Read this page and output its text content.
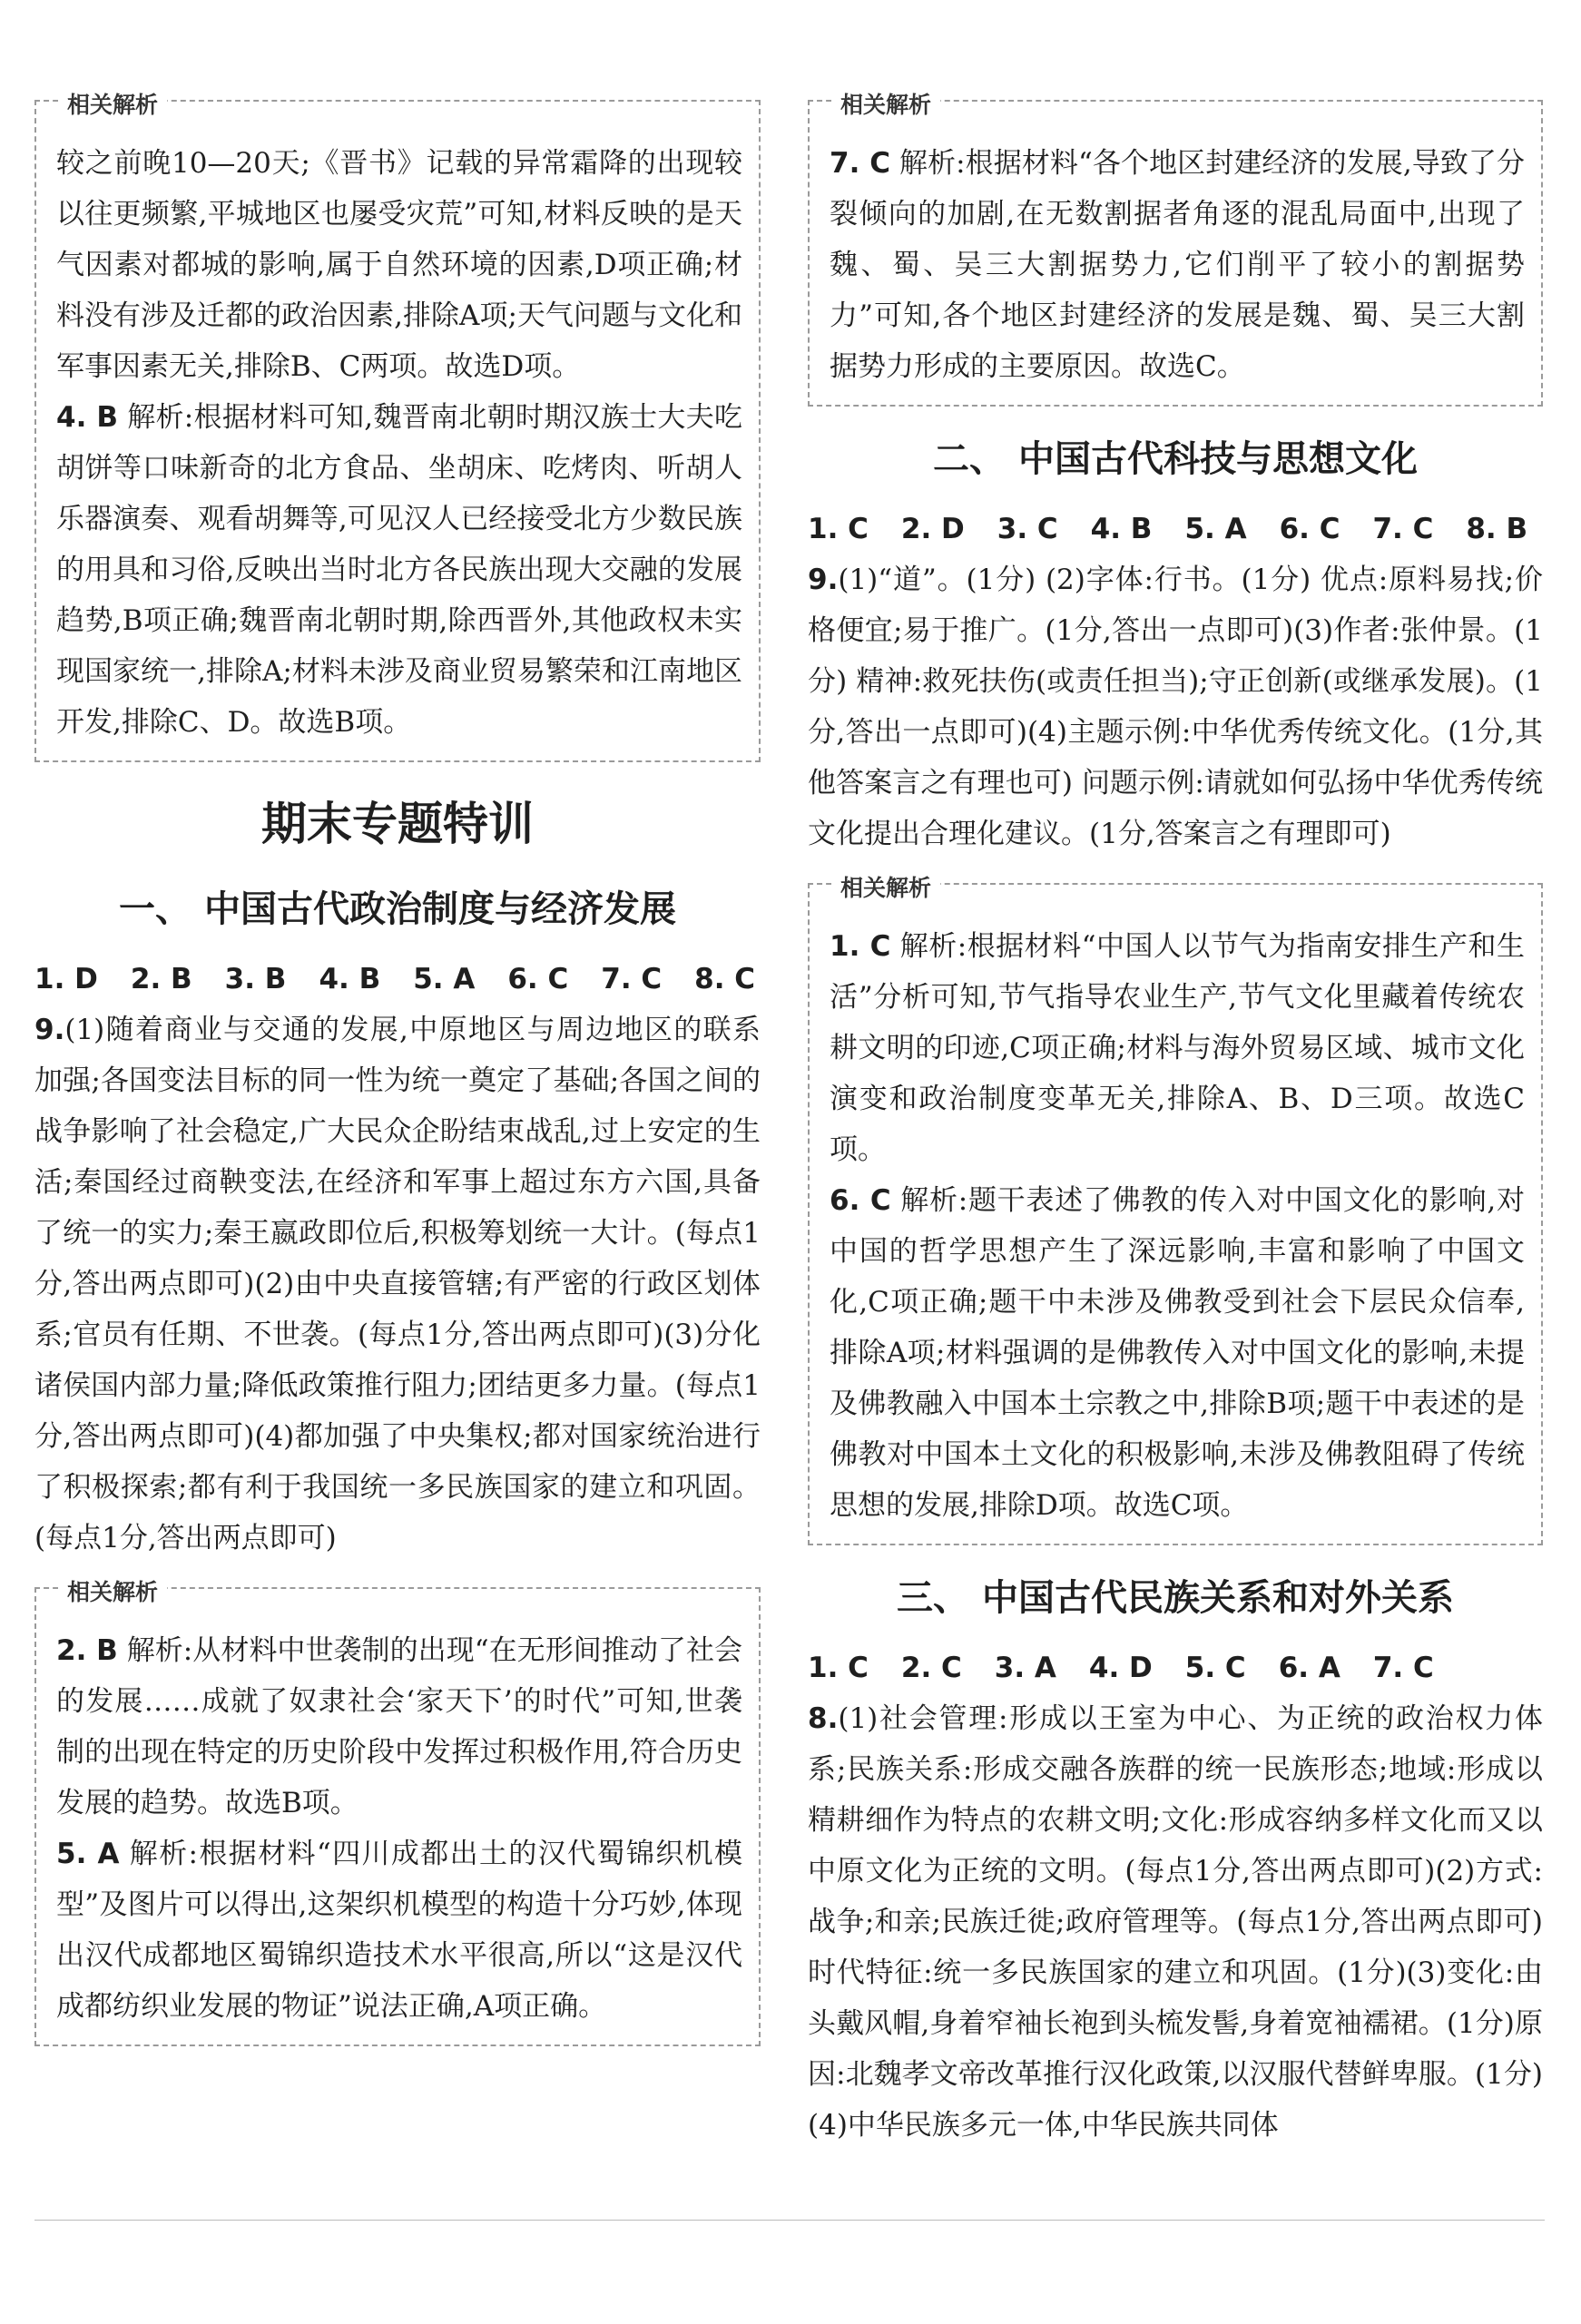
相关解析

较之前晚10—20天;《晋书》记载的异常霜降的出现较以往更频繁,平城地区也屡受灾荒”可知,材料反映的是天气因素对都城的影响,属于自然环境的因素,D项正确;材料没有涉及迁都的政治因素,排除A项;天气问题与文化和军事因素无关,排除B、C两项。故选D项。

4. B 解析:根据材料可知,魏晋南北朝时期汉族士大夫吃胡饼等口味新奇的北方食品、坐胡床、吃烤肉、听胡人乐器演奏、观看胡舞等,可见汉人已经接受北方少数民族的用具和习俗,反映出当时北方各民族出现大交融的发展趋势,B项正确;魏晋南北朝时期,除西晋外,其他政权未实现国家统一,排除A;材料未涉及商业贸易繁荣和江南地区开发,排除C、D。故选B项。

期末专题特训
一、 中国古代政治制度与经济发展
1. D 2. B 3. B 4. B 5. A 6. C 7. C 8. C

9.(1)随着商业与交通的发展,中原地区与周边地区的联系加强;各国变法目标的同一性为统一奠定了基础;各国之间的战争影响了社会稳定,广大民众企盼结束战乱,过上安定的生活;秦国经过商鞅变法,在经济和军事上超过东方六国,具备了统一的实力;秦王嬴政即位后,积极筹划统一大计。(每点1分,答出两点即可)(2)由中央直接管辖;有严密的行政区划体系;官员有任期、不世袭。(每点1分,答出两点即可)(3)分化诸侯国内部力量;降低政策推行阻力;团结更多力量。(每点1分,答出两点即可)(4)都加强了中央集权;都对国家统治进行了积极探索;都有利于我国统一多民族国家的建立和巩固。(每点1分,答出两点即可)

相关解析

2. B 解析:从材料中世袭制的出现“在无形间推动了社会的发展……成就了奴隶社会‘家天下’的时代”可知,世袭制的出现在特定的历史阶段中发挥过积极作用,符合历史发展的趋势。故选B项。

5. A 解析:根据材料“四川成都出土的汉代蜀锦织机模型”及图片可以得出,这架织机模型的构造十分巧妙,体现出汉代成都地区蜀锦织造技术水平很高,所以“这是汉代成都纺织业发展的物证”说法正确,A项正确。

相关解析

7. C 解析:根据材料“各个地区封建经济的发展,导致了分裂倾向的加剧,在无数割据者角逐的混乱局面中,出现了魏、蜀、吴三大割据势力,它们削平了较小的割据势力”可知,各个地区封建经济的发展是魏、蜀、吴三大割据势力形成的主要原因。故选C。

二、 中国古代科技与思想文化
1. C 2. D 3. C 4. B 5. A 6. C 7. C 8. B

9.(1)“道”。(1分) (2)字体:行书。(1分) 优点:原料易找;价格便宜;易于推广。(1分,答出一点即可)(3)作者:张仲景。(1分) 精神:救死扶伤(或责任担当);守正创新(或继承发展)。(1分,答出一点即可)(4)主题示例:中华优秀传统文化。(1分,其他答案言之有理也可) 问题示例:请就如何弘扬中华优秀传统文化提出合理化建议。(1分,答案言之有理即可)

相关解析

1. C 解析:根据材料“中国人以节气为指南安排生产和生活”分析可知,节气指导农业生产,节气文化里藏着传统农耕文明的印迹,C项正确;材料与海外贸易区域、城市文化演变和政治制度变革无关,排除A、B、D三项。故选C项。

6. C 解析:题干表述了佛教的传入对中国文化的影响,对中国的哲学思想产生了深远影响,丰富和影响了中国文化,C项正确;题干中未涉及佛教受到社会下层民众信奉,排除A项;材料强调的是佛教传入对中国文化的影响,未提及佛教融入中国本土宗教之中,排除B项;题干中表述的是佛教对中国本土文化的积极影响,未涉及佛教阻碍了传统思想的发展,排除D项。故选C项。

三、 中国古代民族关系和对外关系
1. C 2. C 3. A 4. D 5. C 6. A 7. C

8.(1)社会管理:形成以王室为中心、为正统的政治权力体系;民族关系:形成交融各族群的统一民族形态;地域:形成以精耕细作为特点的农耕文明;文化:形成容纳多样文化而又以中原文化为正统的文明。(每点1分,答出两点即可)(2)方式:战争;和亲;民族迁徙;政府管理等。(每点1分,答出两点即可) 时代特征:统一多民族国家的建立和巩固。(1分)(3)变化:由头戴风帽,身着窄袖长袍到头梳发髻,身着宽袖襦裙。(1分)原因:北魏孝文帝改革推行汉化政策,以汉服代替鲜卑服。(1分)(4)中华民族多元一体,中华民族共同体
